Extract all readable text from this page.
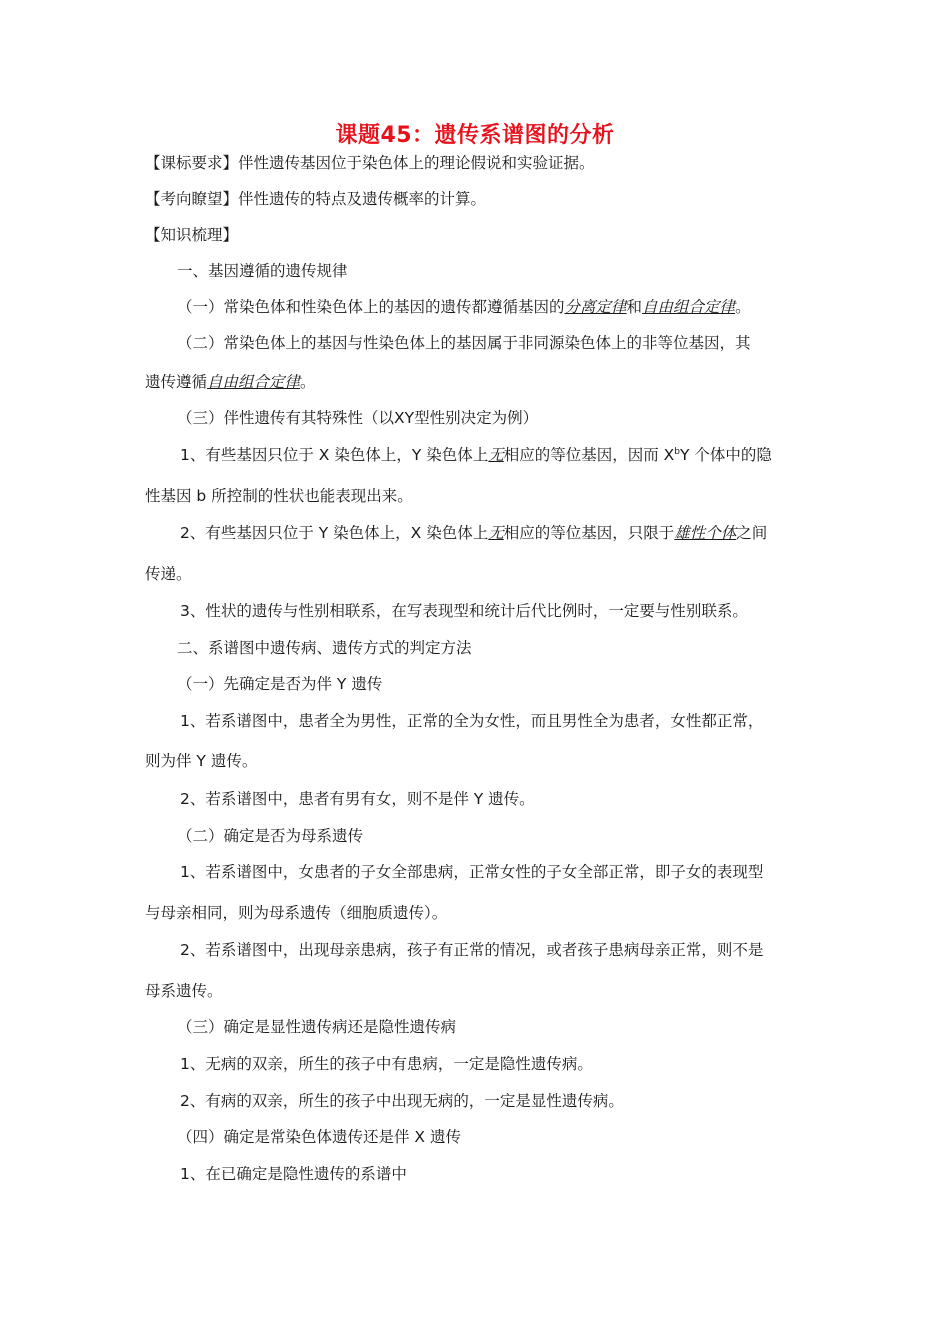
课题45：遗传系谱图的分析
【课标要求】伴性遗传基因位于染色体上的理论假说和实验证据。
【考向瞭望】伴性遗传的特点及遗传概率的计算。
【知识梳理】
一、基因遵循的遗传规律
（一）常染色体和性染色体上的基因的遗传都遵循基因的分离定律和自由组合定律。
（二）常染色体上的基因与性染色体上的基因属于非同源染色体上的非等位基因，其
遗传遵循自由组合定律。
（三）伴性遗传有其特殊性（以XY型性别决定为例）
1、有些基因只位于 X 染色体上，Y 染色体上无相应的等位基因，因而 $X^bY$ 个体中的隐
性基因 b 所控制的性状也能表现出来。
2、有些基因只位于 Y 染色体上，X 染色体上无相应的等位基因，只限于雄性个体之间
传递。
3、性状的遗传与性别相联系，在写表现型和统计后代比例时，一定要与性别联系。
二、系谱图中遗传病、遗传方式的判定方法
（一）先确定是否为伴 Y 遗传
1、若系谱图中，患者全为男性，正常的全为女性，而且男性全为患者，女性都正常，
则为伴 Y 遗传。
2、若系谱图中，患者有男有女，则不是伴 Y 遗传。
（二）确定是否为母系遗传
1、若系谱图中，女患者的子女全部患病，正常女性的子女全部正常，即子女的表现型
与母亲相同，则为母系遗传（细胞质遗传）。
2、若系谱图中，出现母亲患病，孩子有正常的情况，或者孩子患病母亲正常，则不是
母系遗传。
（三）确定是显性遗传病还是隐性遗传病
1、无病的双亲，所生的孩子中有患病，一定是隐性遗传病。
2、有病的双亲，所生的孩子中出现无病的，一定是显性遗传病。
（四）确定是常染色体遗传还是伴 X 遗传
1、在已确定是隐性遗传的系谱中
